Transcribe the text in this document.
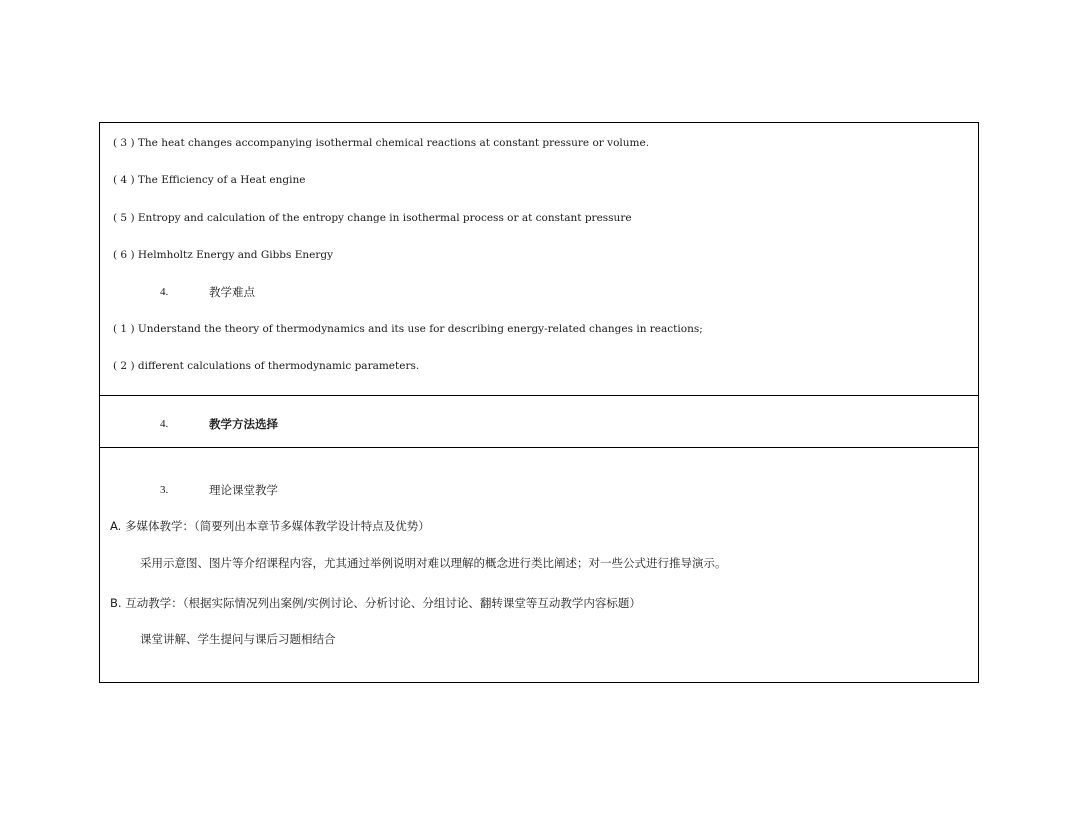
( 3 ) The heat changes accompanying isothermal chemical reactions at constant pressure or volume.
( 4 ) The Efficiency of a Heat engine
( 5 ) Entropy and calculation of the entropy change in isothermal process or at constant pressure
( 6 ) Helmholtz Energy and Gibbs Energy
4.	教学难点
( 1 ) Understand the theory of thermodynamics and its use for describing energy-related changes in reactions;
( 2 ) different calculations of thermodynamic parameters.
4.	教学方法选择
3.	理论课堂教学
A. 多媒体教学：（简要列出本章节多媒体教学设计特点及优势）
采用示意图、图片等介绍课程内容，尤其通过举例说明对难以理解的概念进行类比阐述；对一些公式进行推导演示。
B. 互动教学：（根据实际情况列出案例/实例讨论、分析讨论、分组讨论、翻转课堂等互动教学内容标题）
课堂讲解、学生提问与课后习题相结合
